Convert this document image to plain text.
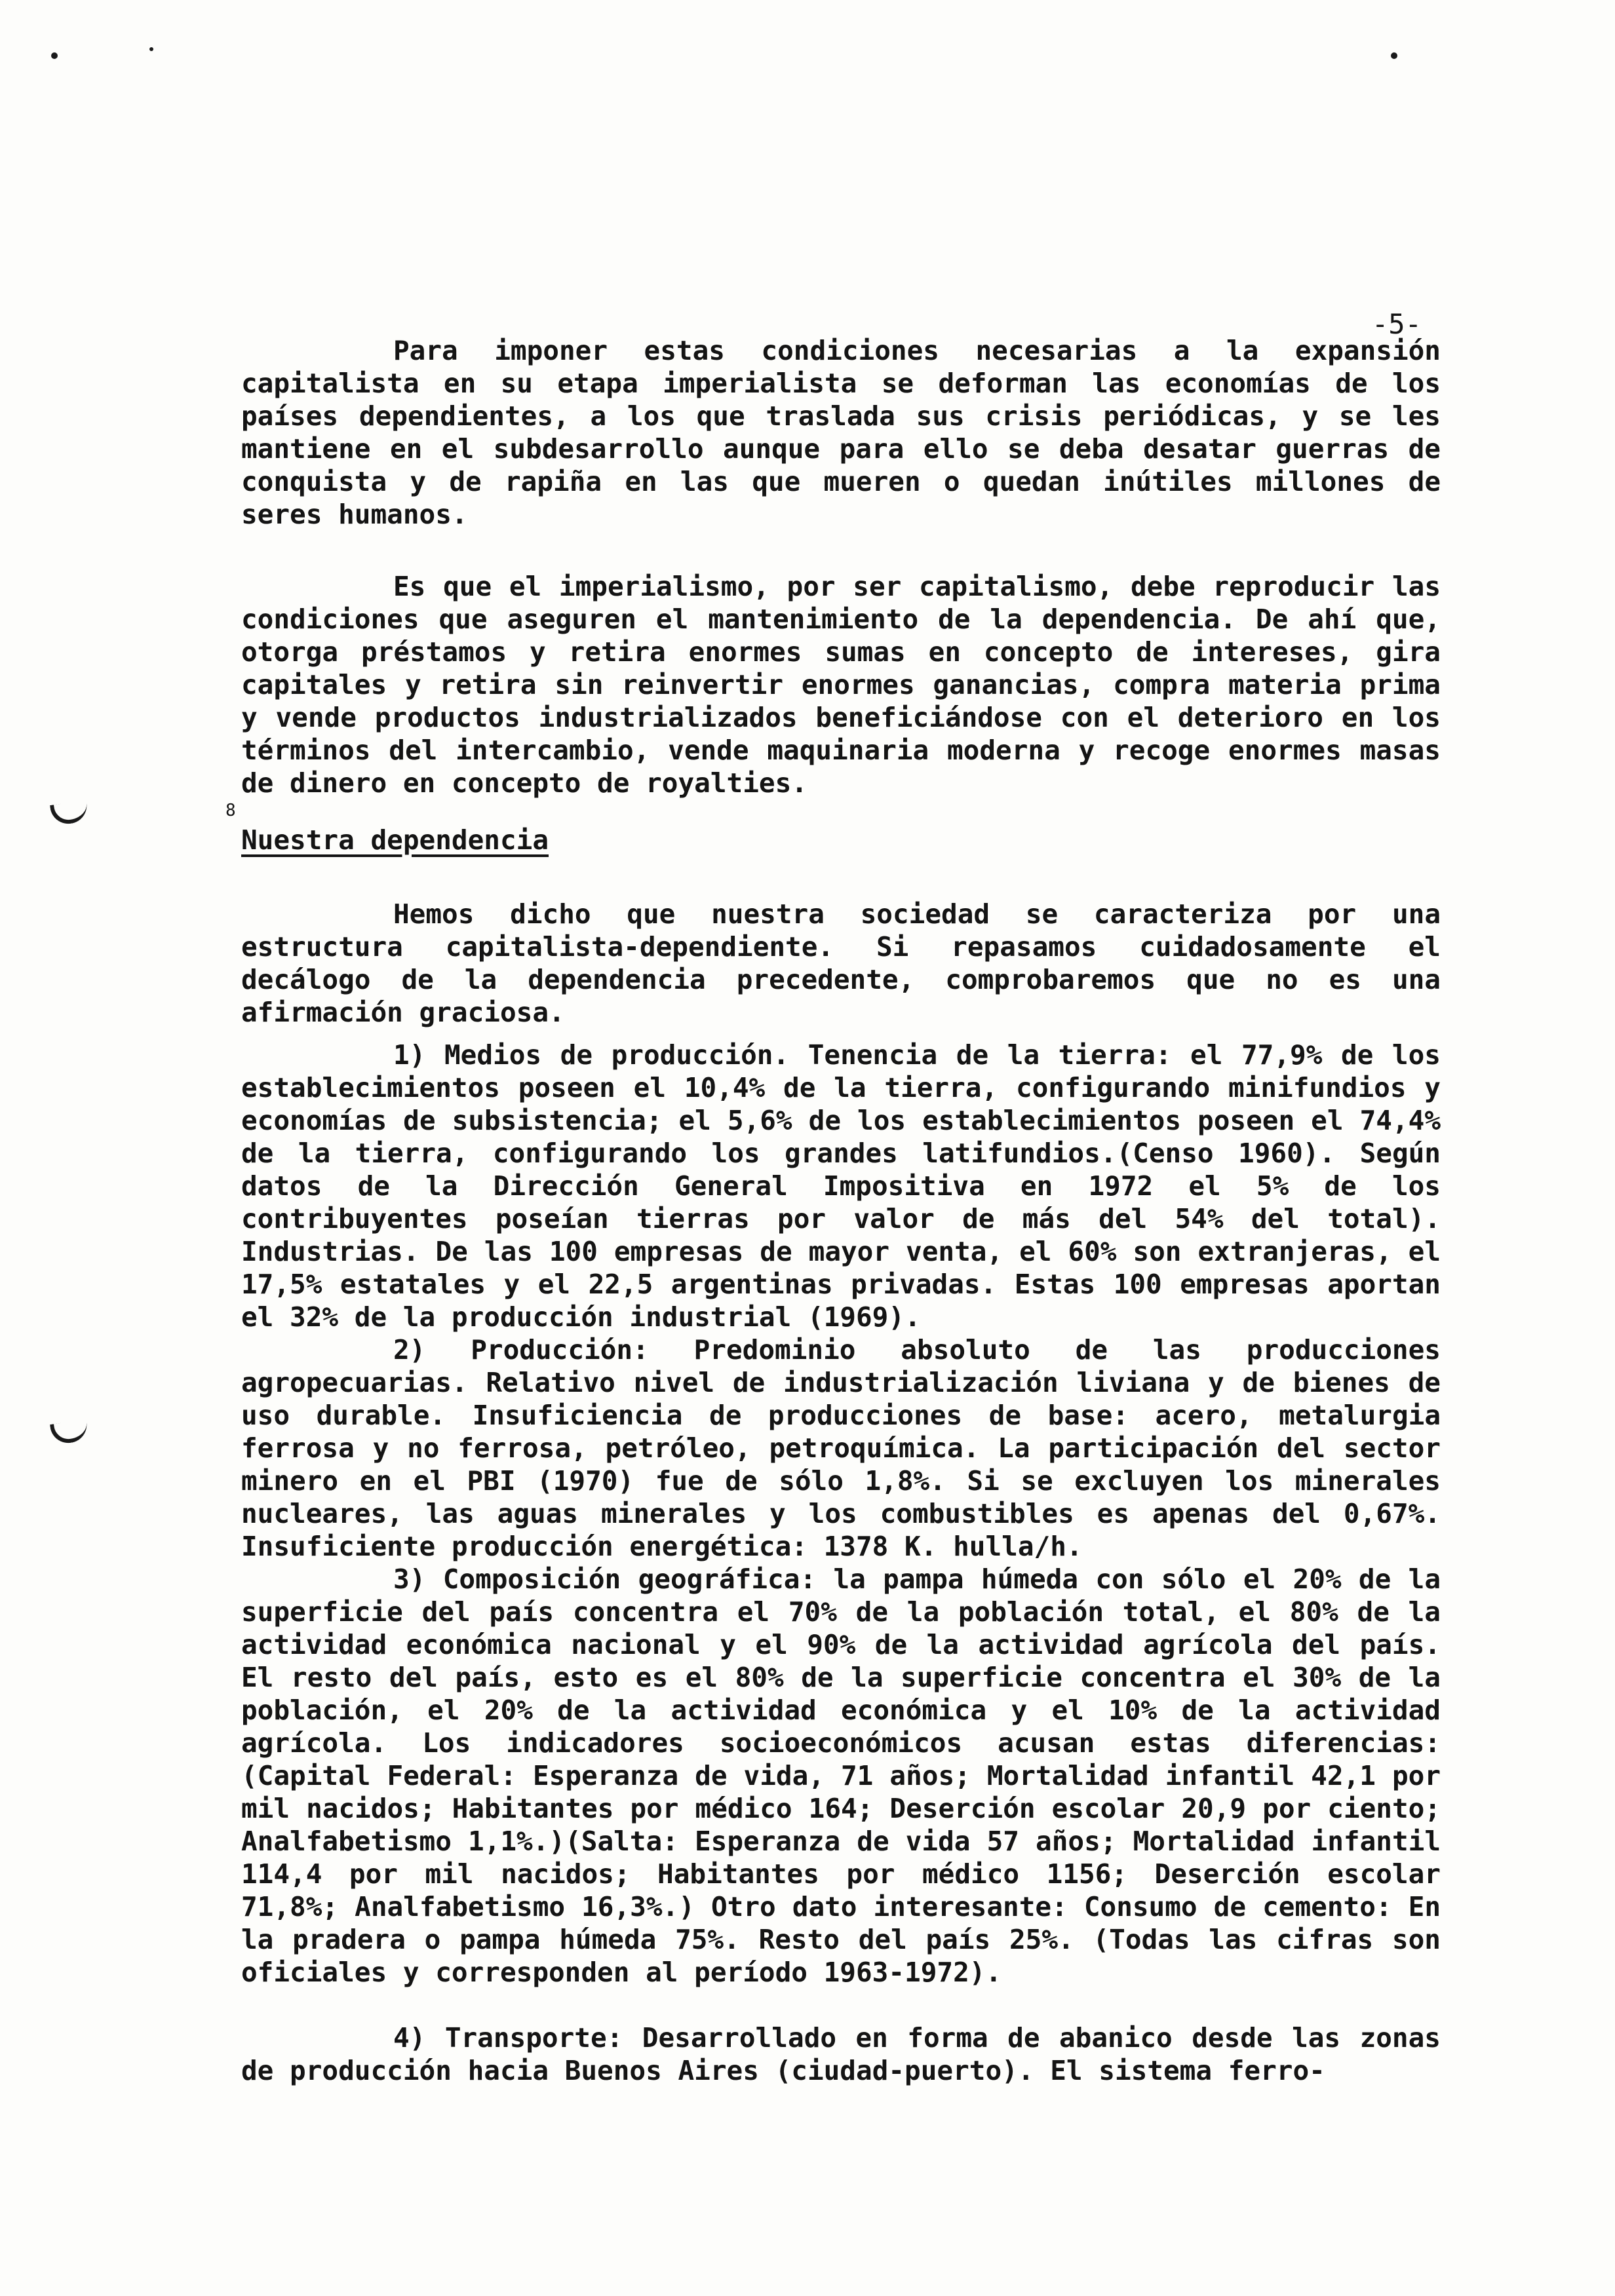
-5-

Para imponer estas condiciones necesarias a la expansión capitalista en su etapa imperialista se deforman las economías de los países dependientes, a los que traslada sus crisis periódicas, y se les mantiene en el subdesarrollo aunque para ello se deba desatar guerras de conquista y de rapiña en las que mueren o quedan inútiles millones de seres humanos.

Es que el imperialismo, por ser capitalismo, debe reproducir las condiciones que aseguren el mantenimiento de la dependencia. De ahí que, otorga préstamos y retira enormes sumas en concepto de intereses, gira capitales y retira sin reinvertir enormes ganancias, compra materia prima y vende productos industrializados beneficiándose con el deterioro en los términos del intercambio, vende maquinaria moderna y recoge enormes masas de dinero en concepto de royalties.

8
Nuestra dependencia

Hemos dicho que nuestra sociedad se caracteriza por una estructura capitalista-dependiente. Si repasamos cuidadosamente el decálogo de la dependencia precedente, comprobaremos que no es una afirmación graciosa.

1) Medios de producción. Tenencia de la tierra: el 77,9% de los establecimientos poseen el 10,4% de la tierra, configurando minifundios y economías de subsistencia; el 5,6% de los establecimientos poseen el 74,4% de la tierra, configurando los grandes latifundios.(Censo 1960). Según datos de la Dirección General Impositiva en 1972 el 5% de los contribuyentes poseían tierras por valor de más del 54% del total). Industrias. De las 100 empresas de mayor venta, el 60% son extranjeras, el 17,5% estatales y el 22,5 argentinas privadas. Estas 100 empresas aportan el 32% de la producción industrial (1969).

2) Producción: Predominio absoluto de las producciones agropecuarias. Relativo nivel de industrialización liviana y de bienes de uso durable. Insuficiencia de producciones de base: acero, metalurgia ferrosa y no ferrosa, petróleo, petroquímica. La participación del sector minero en el PBI (1970) fue de sólo 1,8%. Si se excluyen los minerales nucleares, las aguas minerales y los combustibles es apenas del 0,67%. Insuficiente producción energética: 1378 K. hulla/h.

3) Composición geográfica: la pampa húmeda con sólo el 20% de la superficie del país concentra el 70% de la población total, el 80% de la actividad económica nacional y el 90% de la actividad agrícola del país. El resto del país, esto es el 80% de la superficie concentra el 30% de la población, el 20% de la actividad económica y el 10% de la actividad agrícola. Los indicadores socioeconómicos acusan estas diferencias:(Capital Federal: Esperanza de vida, 71 años; Mortalidad infantil 42,1 por mil nacidos; Habitantes por médico 164; Deserción escolar 20,9 por ciento; Analfabetismo 1,1%.)(Salta: Esperanza de vida 57 años; Mortalidad infantil 114,4 por mil nacidos; Habitantes por médico 1156; Deserción escolar 71,8%; Analfabetismo 16,3%.) Otro dato interesante: Consumo de cemento: En la pradera o pampa húmeda 75%. Resto del país 25%. (Todas las cifras son oficiales y corresponden al período 1963-1972).

4) Transporte: Desarrollado en forma de abanico desde las zonas de producción hacia Buenos Aires (ciudad-puerto). El sistema ferro-
